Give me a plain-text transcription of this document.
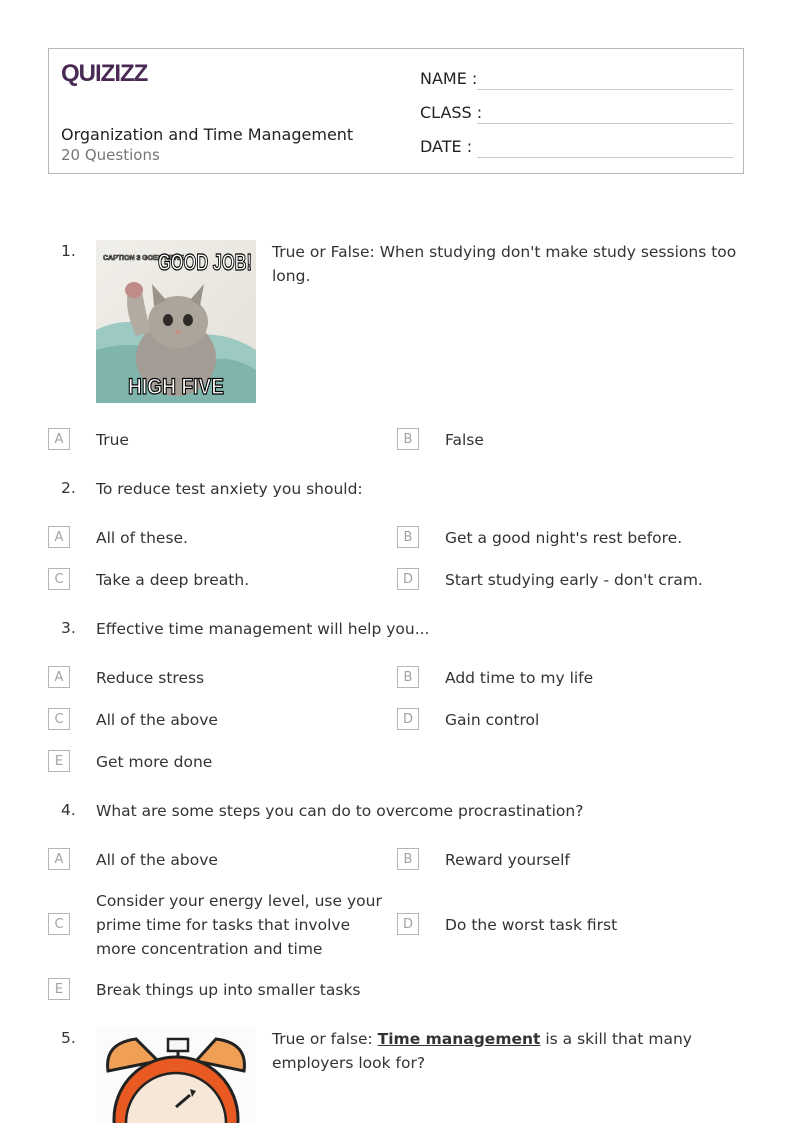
QUIZIZZ
Organization and Time Management
20 Questions
NAME :
CLASS :
DATE :
1.	CAPTION 3 GOES HERE
GOOD JOB!
HIGH FIVE
True or False: When studying don't make study sessions too long.
A	True	B	False
2. To reduce test anxiety you should:
A	All of these.	B	Get a good night's rest before.
C	Take a deep breath.	D	Start studying early - don't cram.
3. Effective time management will help you...
A	Reduce stress	B	Add time to my life
C	All of the above	D	Gain control
E	Get more done
4. What are some steps you can do to overcome procrastination?
A	All of the above	B	Reward yourself
C
Consider your energy level, use your prime time for tasks that involve more concentration and time
D	Do the worst task first
E	Break things up into smaller tasks
5.	True or false: Time management is a skill that many employers look for?
